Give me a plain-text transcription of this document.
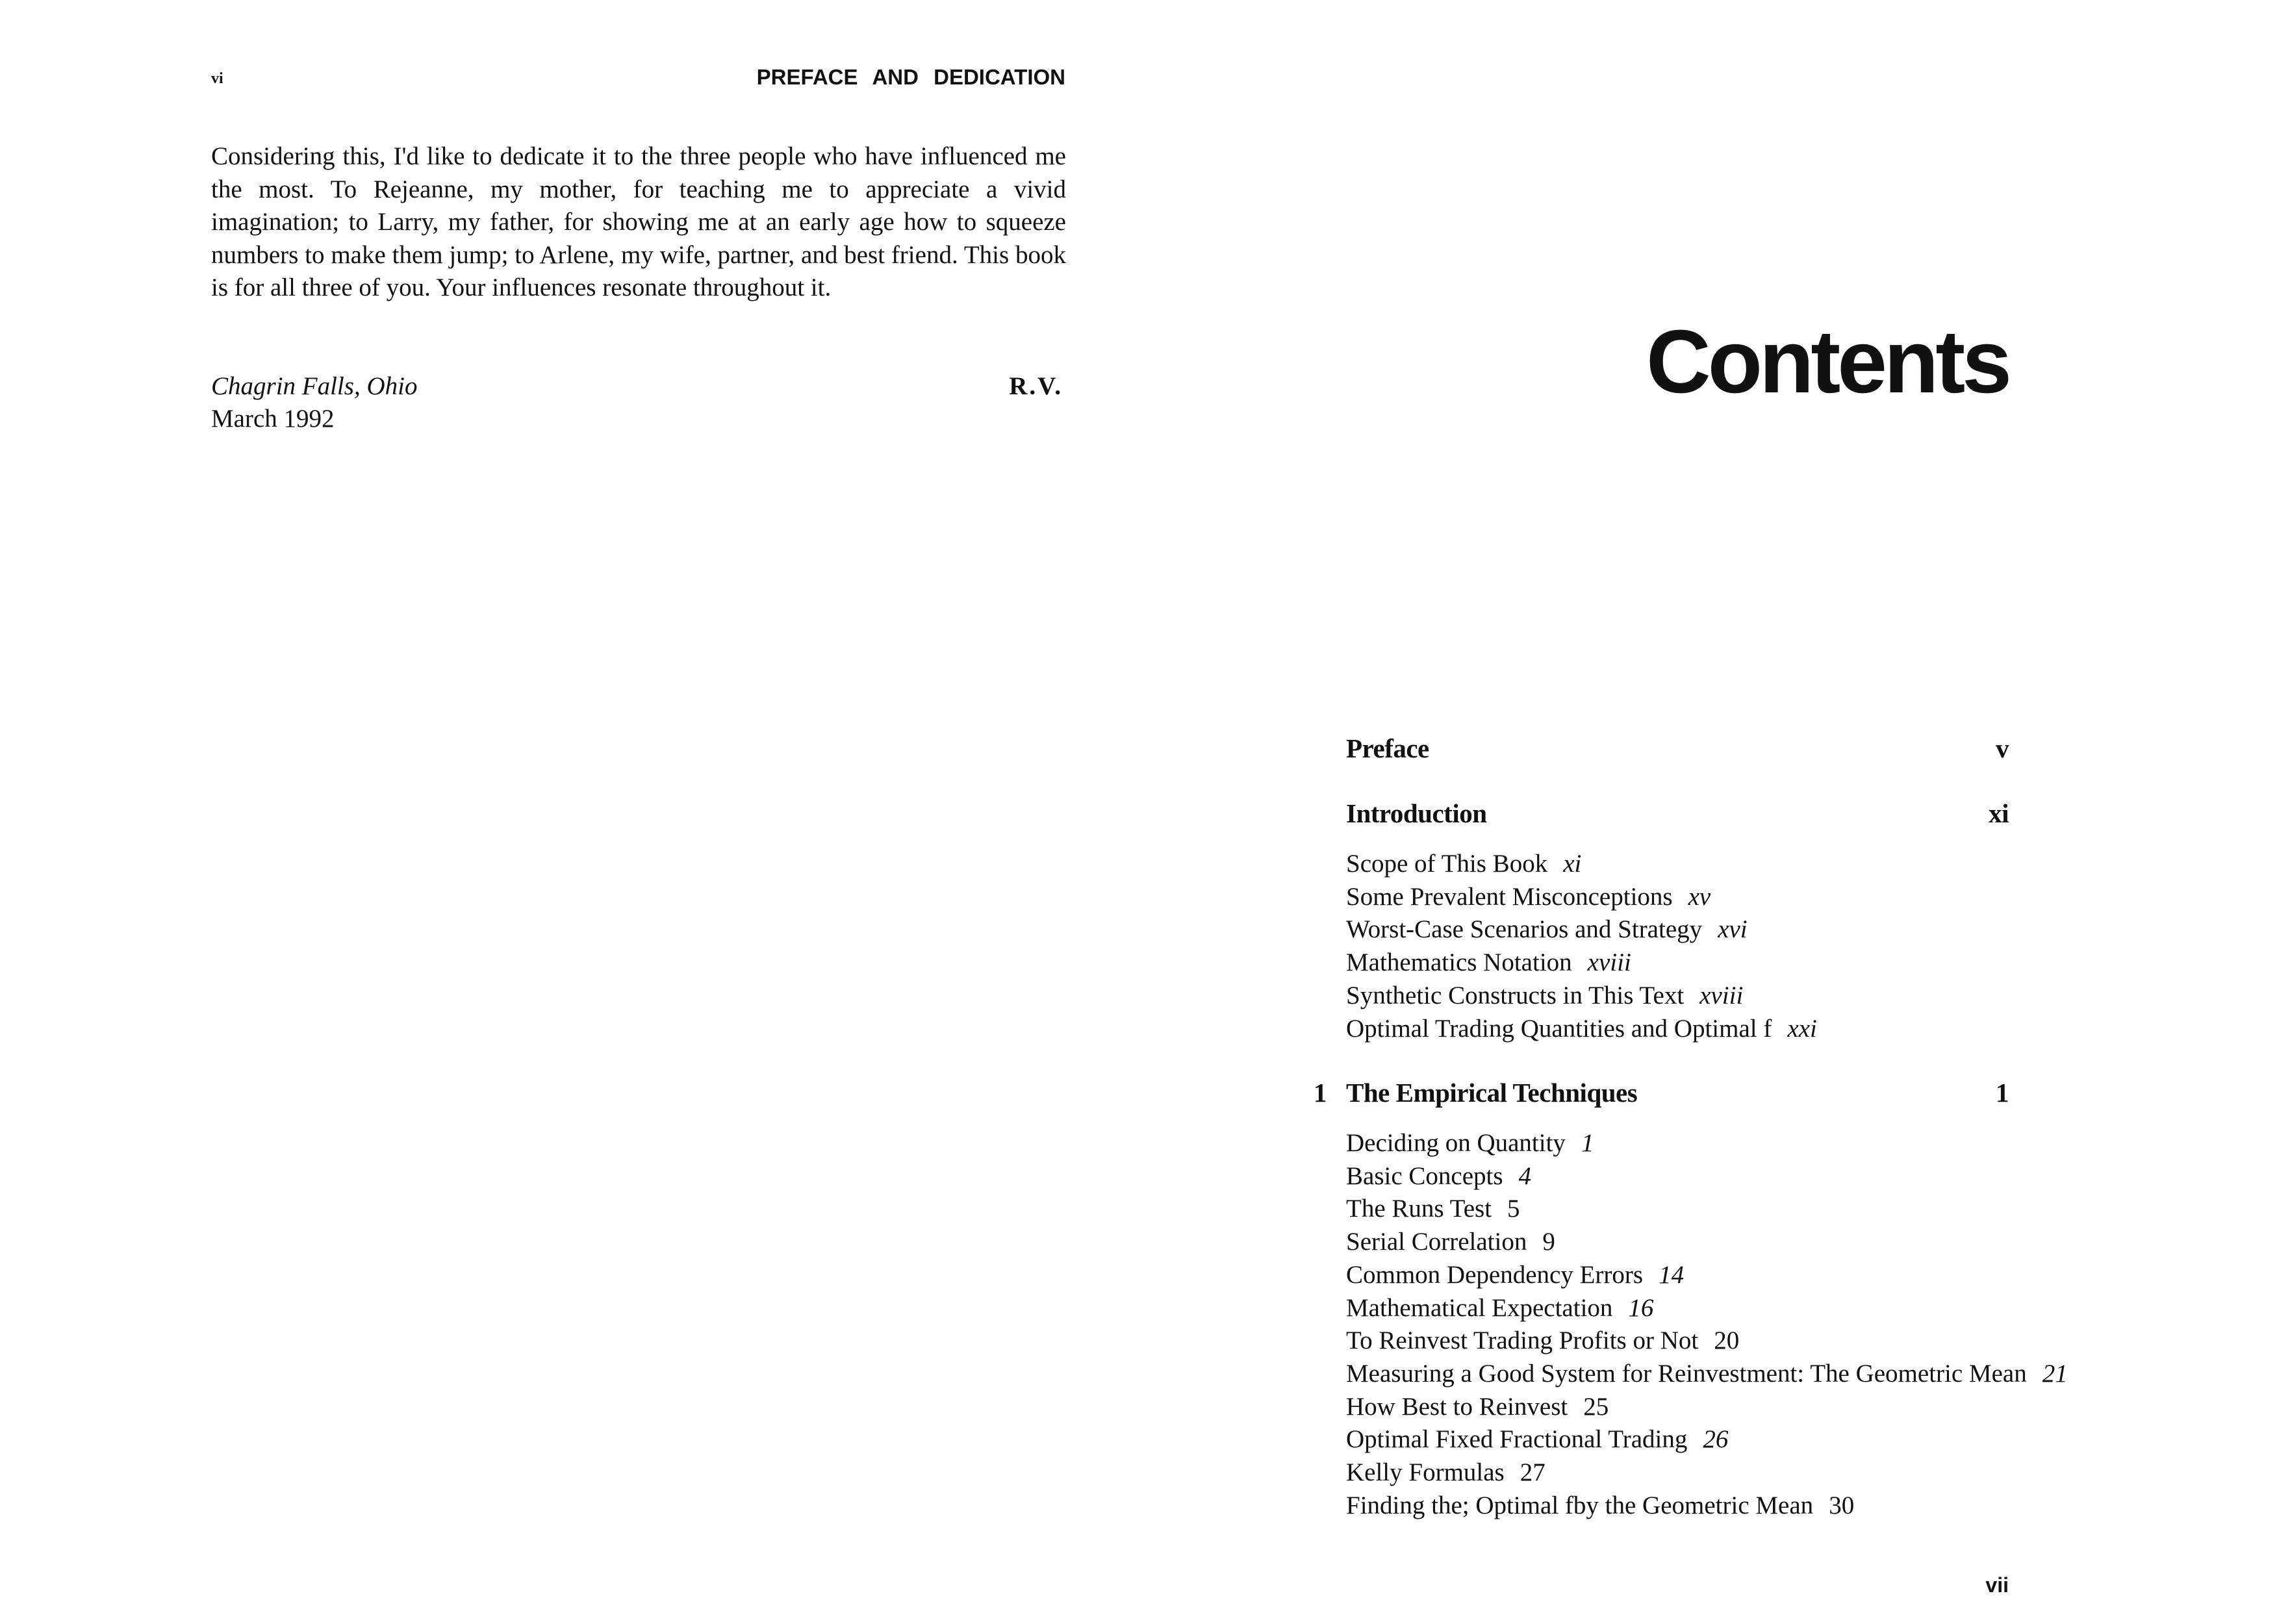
vi	PREFACE AND DEDICATION

Considering this, I'd like to dedicate it to the three people who have influenced me the most. To Rejeanne, my mother, for teaching me to appreciate a vivid imagination; to Larry, my father, for showing me at an early age how to squeeze numbers to make them jump; to Arlene, my wife, partner, and best friend. This book is for all three of you. Your influences resonate throughout it.

Chagrin Falls, Ohio	R.V.
March 1992
Contents
Preface	v
Introduction	xi
Scope of This Book xi
Some Prevalent Misconceptions xv
Worst-Case Scenarios and Strategy xvi
Mathematics Notation xviii
Synthetic Constructs in This Text xviii
Optimal Trading Quantities and Optimal f xxi
1 The Empirical Techniques	1
Deciding on Quantity 1
Basic Concepts 4
The Runs Test 5
Serial Correlation 9
Common Dependency Errors 14
Mathematical Expectation 16
To Reinvest Trading Profits or Not 20
Measuring a Good System for Reinvestment: The Geometric Mean 21
How Best to Reinvest 25
Optimal Fixed Fractional Trading 26
Kelly Formulas 27
Finding the; Optimal fby the Geometric Mean 30
vii
